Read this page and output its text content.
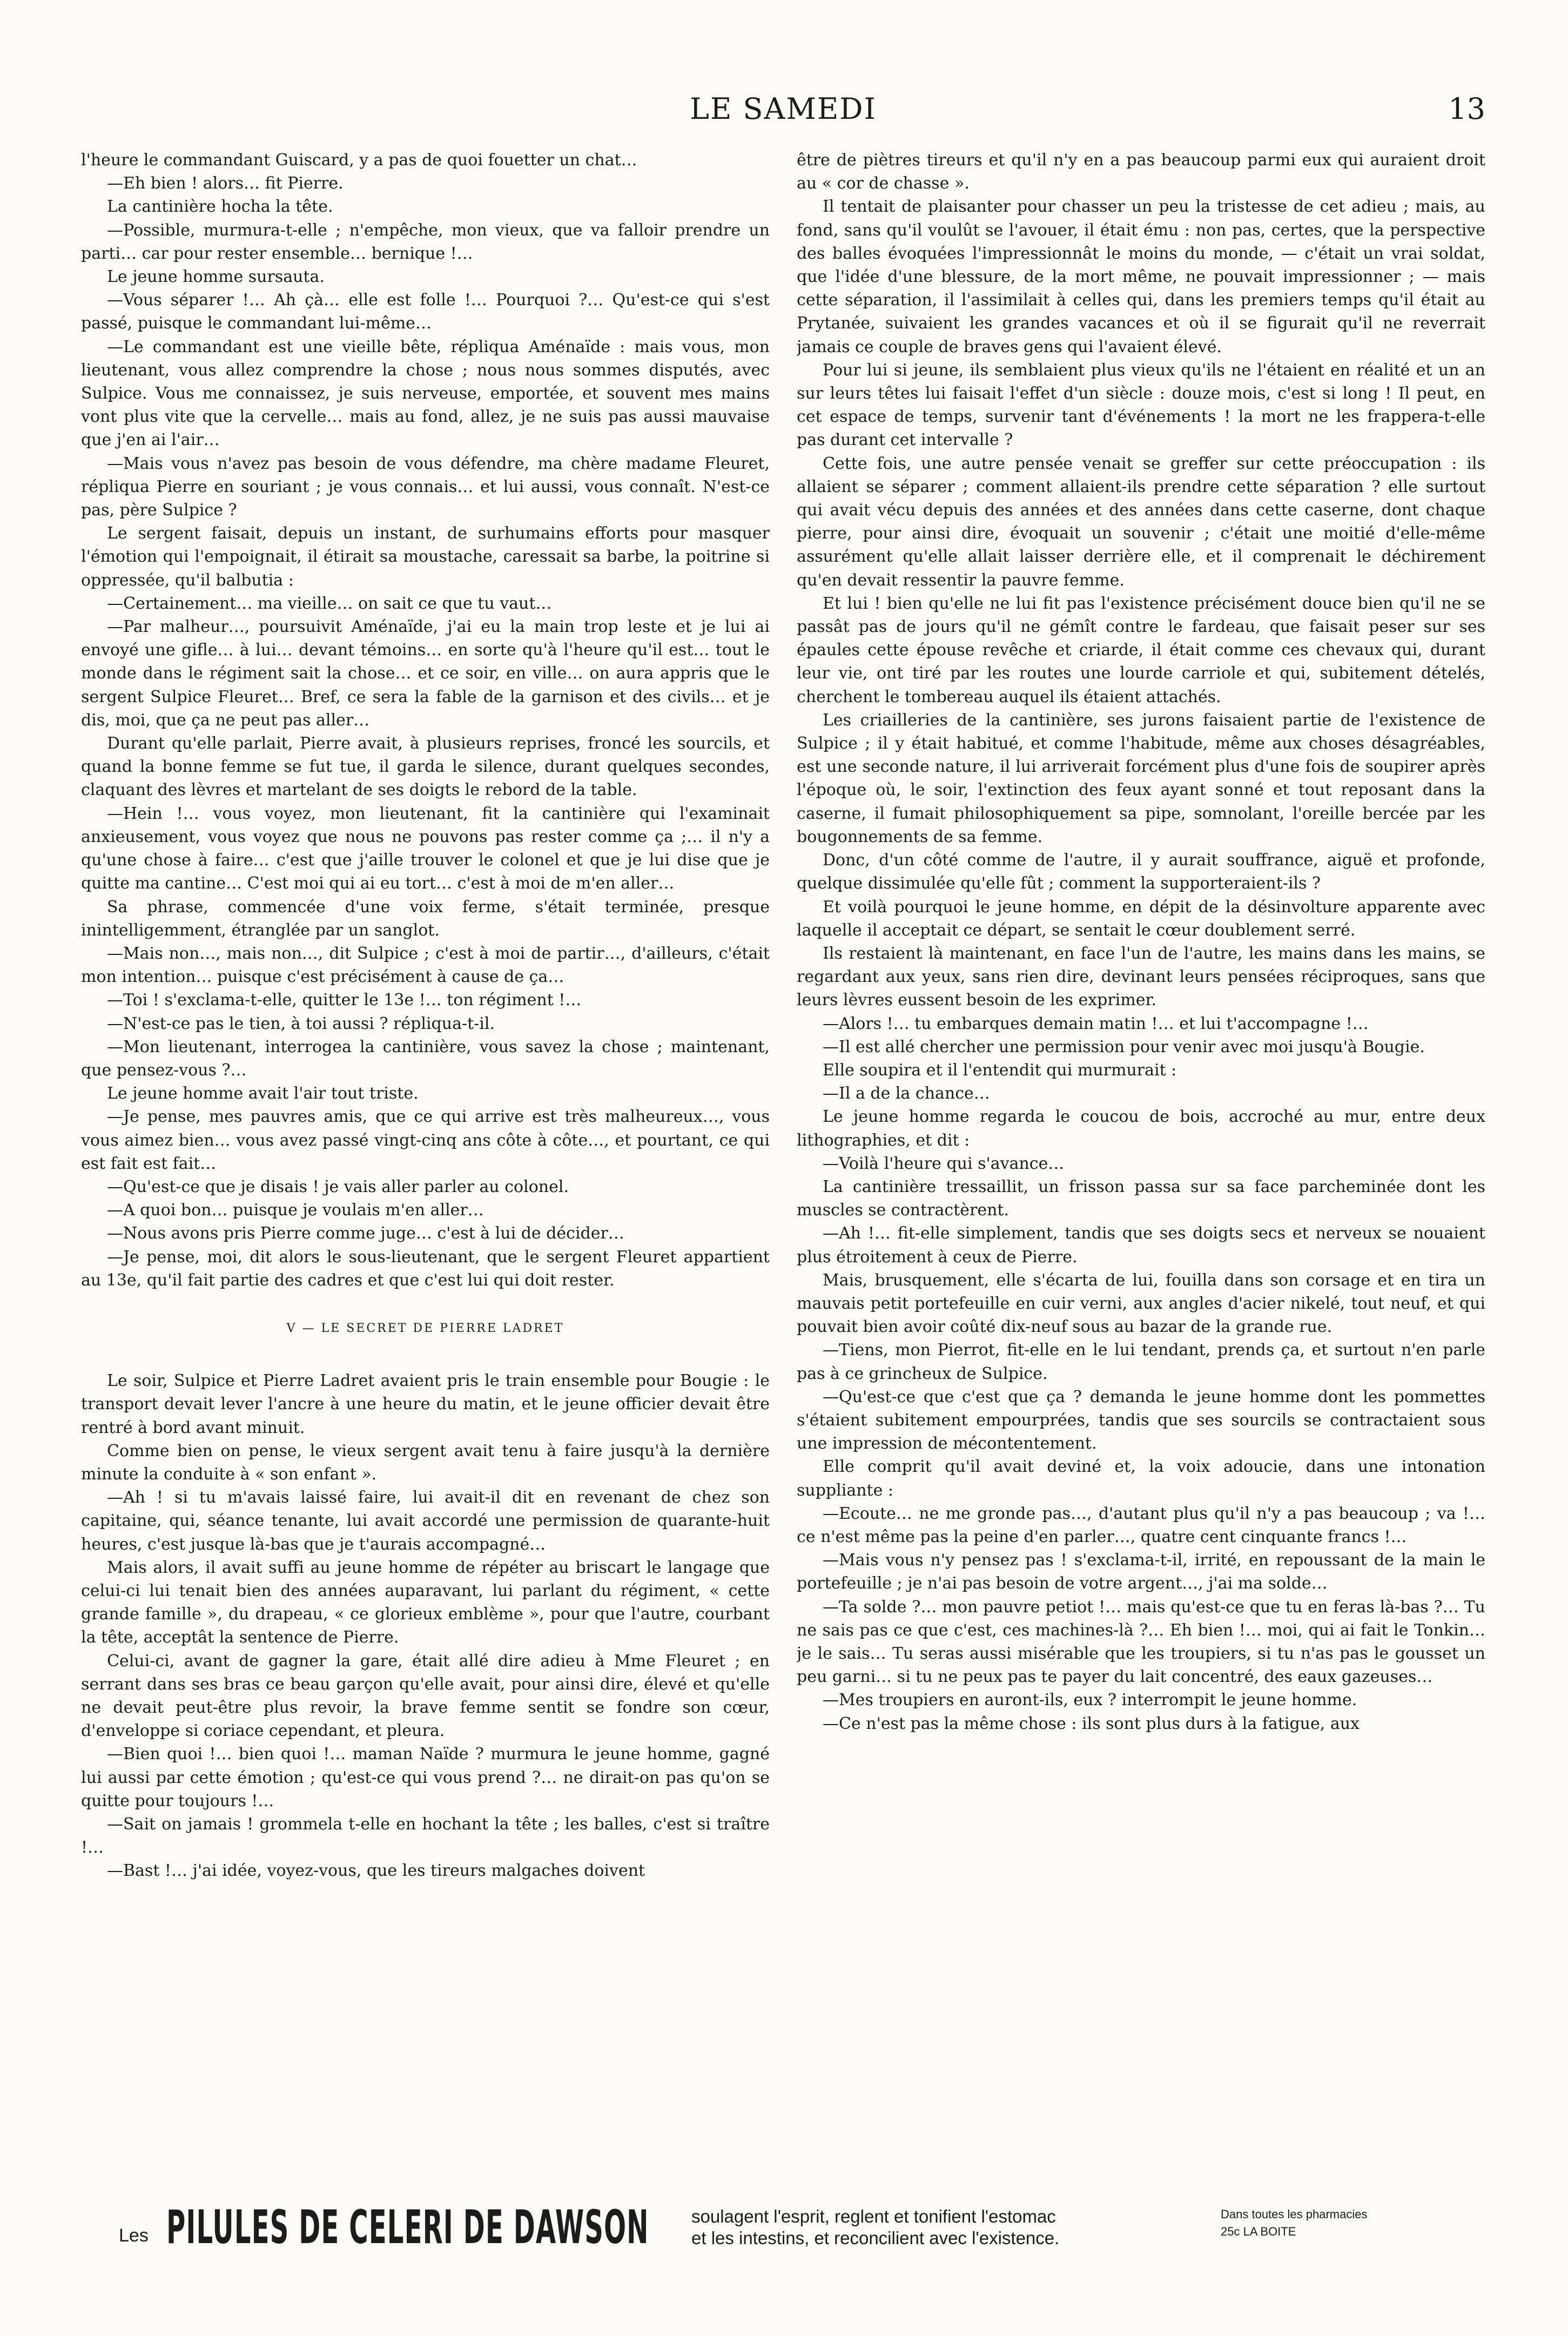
LE SAMEDI	13

l'heure le commandant Guiscard, y a pas de quoi fouetter un chat…

—Eh bien ! alors… fit Pierre.

La cantinière hocha la tête.

—Possible, murmura-t-elle ; n'empêche, mon vieux, que va falloir prendre un parti… car pour rester ensemble… bernique !…

Le jeune homme sursauta.

—Vous séparer !… Ah çà… elle est folle !… Pourquoi ?… Qu'est-ce qui s'est passé, puisque le commandant lui-même…

—Le commandant est une vieille bête, répliqua Aménaïde : mais vous, mon lieutenant, vous allez comprendre la chose ; nous nous sommes disputés, avec Sulpice. Vous me connaissez, je suis nerveuse, emportée, et souvent mes mains vont plus vite que la cervelle… mais au fond, allez, je ne suis pas aussi mauvaise que j'en ai l'air…

—Mais vous n'avez pas besoin de vous défendre, ma chère madame Fleuret, répliqua Pierre en souriant ; je vous connais… et lui aussi, vous connaît. N'est-ce pas, père Sulpice ?

Le sergent faisait, depuis un instant, de surhumains efforts pour masquer l'émotion qui l'empoignait, il étirait sa moustache, caressait sa barbe, la poitrine si oppressée, qu'il balbutia :

—Certainement… ma vieille… on sait ce que tu vaut…

—Par malheur…, poursuivit Aménaïde, j'ai eu la main trop leste et je lui ai envoyé une gifle… à lui… devant témoins… en sorte qu'à l'heure qu'il est… tout le monde dans le régiment sait la chose… et ce soir, en ville… on aura appris que le sergent Sulpice Fleuret… Bref, ce sera la fable de la garnison et des civils… et je dis, moi, que ça ne peut pas aller…

Durant qu'elle parlait, Pierre avait, à plusieurs reprises, froncé les sourcils, et quand la bonne femme se fut tue, il garda le silence, durant quelques secondes, claquant des lèvres et martelant de ses doigts le rebord de la table.

—Hein !… vous voyez, mon lieutenant, fit la cantinière qui l'examinait anxieusement, vous voyez que nous ne pouvons pas rester comme ça ;… il n'y a qu'une chose à faire… c'est que j'aille trouver le colonel et que je lui dise que je quitte ma cantine… C'est moi qui ai eu tort… c'est à moi de m'en aller…

Sa phrase, commencée d'une voix ferme, s'était terminée, presque inintelligemment, étranglée par un sanglot.

—Mais non…, mais non…, dit Sulpice ; c'est à moi de partir…, d'ailleurs, c'était mon intention… puisque c'est précisément à cause de ça…

—Toi ! s'exclama-t-elle, quitter le 13e !… ton régiment !…

—N'est-ce pas le tien, à toi aussi ? répliqua-t-il.

—Mon lieutenant, interrogea la cantinière, vous savez la chose ; maintenant, que pensez-vous ?…

Le jeune homme avait l'air tout triste.

—Je pense, mes pauvres amis, que ce qui arrive est très malheureux…, vous vous aimez bien… vous avez passé vingt-cinq ans côte à côte…, et pourtant, ce qui est fait est fait…

—Qu'est-ce que je disais ! je vais aller parler au colonel.

—A quoi bon… puisque je voulais m'en aller…

—Nous avons pris Pierre comme juge… c'est à lui de décider…

—Je pense, moi, dit alors le sous-lieutenant, que le sergent Fleuret appartient au 13e, qu'il fait partie des cadres et que c'est lui qui doit rester.

V — LE SECRET DE PIERRE LADRET

Le soir, Sulpice et Pierre Ladret avaient pris le train ensemble pour Bougie : le transport devait lever l'ancre à une heure du matin, et le jeune officier devait être rentré à bord avant minuit.

Comme bien on pense, le vieux sergent avait tenu à faire jusqu'à la dernière minute la conduite à « son enfant ».

—Ah ! si tu m'avais laissé faire, lui avait-il dit en revenant de chez son capitaine, qui, séance tenante, lui avait accordé une permission de quarante-huit heures, c'est jusque là-bas que je t'aurais accompagné…

Mais alors, il avait suffi au jeune homme de répéter au briscart le langage que celui-ci lui tenait bien des années auparavant, lui parlant du régiment, « cette grande famille », du drapeau, « ce glorieux emblème », pour que l'autre, courbant la tête, acceptât la sentence de Pierre.

Celui-ci, avant de gagner la gare, était allé dire adieu à Mme Fleuret ; en serrant dans ses bras ce beau garçon qu'elle avait, pour ainsi dire, élevé et qu'elle ne devait peut-être plus revoir, la brave femme sentit se fondre son cœur, d'enveloppe si coriace cependant, et pleura.

—Bien quoi !… bien quoi !… maman Naïde ? murmura le jeune homme, gagné lui aussi par cette émotion ; qu'est-ce qui vous prend ?… ne dirait-on pas qu'on se quitte pour toujours !…

—Sait on jamais ! grommela t-elle en hochant la tête ; les balles, c'est si traître !…

—Bast !… j'ai idée, voyez-vous, que les tireurs malgaches doivent

être de piètres tireurs et qu'il n'y en a pas beaucoup parmi eux qui auraient droit au « cor de chasse ».

Il tentait de plaisanter pour chasser un peu la tristesse de cet adieu ; mais, au fond, sans qu'il voulût se l'avouer, il était ému : non pas, certes, que la perspective des balles évoquées l'impressionnât le moins du monde, — c'était un vrai soldat, que l'idée d'une blessure, de la mort même, ne pouvait impressionner ; — mais cette séparation, il l'assimilait à celles qui, dans les premiers temps qu'il était au Prytanée, suivaient les grandes vacances et où il se figurait qu'il ne reverrait jamais ce couple de braves gens qui l'avaient élevé.

Pour lui si jeune, ils semblaient plus vieux qu'ils ne l'étaient en réalité et un an sur leurs têtes lui faisait l'effet d'un siècle : douze mois, c'est si long ! Il peut, en cet espace de temps, survenir tant d'événements ! la mort ne les frappera-t-elle pas durant cet intervalle ?

Cette fois, une autre pensée venait se greffer sur cette préoccupation : ils allaient se séparer ; comment allaient-ils prendre cette séparation ? elle surtout qui avait vécu depuis des années et des années dans cette caserne, dont chaque pierre, pour ainsi dire, évoquait un souvenir ; c'était une moitié d'elle-même assurément qu'elle allait laisser derrière elle, et il comprenait le déchirement qu'en devait ressentir la pauvre femme.

Et lui ! bien qu'elle ne lui fit pas l'existence précisément douce bien qu'il ne se passât pas de jours qu'il ne gémît contre le fardeau, que faisait peser sur ses épaules cette épouse revêche et criarde, il était comme ces chevaux qui, durant leur vie, ont tiré par les routes une lourde carriole et qui, subitement dételés, cherchent le tombereau auquel ils étaient attachés.

Les criailleries de la cantinière, ses jurons faisaient partie de l'existence de Sulpice ; il y était habitué, et comme l'habitude, même aux choses désagréables, est une seconde nature, il lui arriverait forcément plus d'une fois de soupirer après l'époque où, le soir, l'extinction des feux ayant sonné et tout reposant dans la caserne, il fumait philosophiquement sa pipe, somnolant, l'oreille bercée par les bougonnements de sa femme.

Donc, d'un côté comme de l'autre, il y aurait souffrance, aiguë et profonde, quelque dissimulée qu'elle fût ; comment la supporteraient-ils ?

Et voilà pourquoi le jeune homme, en dépit de la désinvolture apparente avec laquelle il acceptait ce départ, se sentait le cœur doublement serré.

Ils restaient là maintenant, en face l'un de l'autre, les mains dans les mains, se regardant aux yeux, sans rien dire, devinant leurs pensées réciproques, sans que leurs lèvres eussent besoin de les exprimer.

—Alors !… tu embarques demain matin !… et lui t'accompagne !…

—Il est allé chercher une permission pour venir avec moi jusqu'à Bougie.

Elle soupira et il l'entendit qui murmurait :

—Il a de la chance…

Le jeune homme regarda le coucou de bois, accroché au mur, entre deux lithographies, et dit :

—Voilà l'heure qui s'avance…

La cantinière tressaillit, un frisson passa sur sa face parcheminée dont les muscles se contractèrent.

—Ah !… fit-elle simplement, tandis que ses doigts secs et nerveux se nouaient plus étroitement à ceux de Pierre.

Mais, brusquement, elle s'écarta de lui, fouilla dans son corsage et en tira un mauvais petit portefeuille en cuir verni, aux angles d'acier nikelé, tout neuf, et qui pouvait bien avoir coûté dix-neuf sous au bazar de la grande rue.

—Tiens, mon Pierrot, fit-elle en le lui tendant, prends ça, et surtout n'en parle pas à ce grincheux de Sulpice.

—Qu'est-ce que c'est que ça ? demanda le jeune homme dont les pommettes s'étaient subitement empourprées, tandis que ses sourcils se contractaient sous une impression de mécontentement.

Elle comprit qu'il avait deviné et, la voix adoucie, dans une intonation suppliante :

—Ecoute… ne me gronde pas…, d'autant plus qu'il n'y a pas beaucoup ; va !… ce n'est même pas la peine d'en parler…, quatre cent cinquante francs !…

—Mais vous n'y pensez pas ! s'exclama-t-il, irrité, en repoussant de la main le portefeuille ; je n'ai pas besoin de votre argent…, j'ai ma solde…

—Ta solde ?… mon pauvre petiot !… mais qu'est-ce que tu en feras là-bas ?… Tu ne sais pas ce que c'est, ces machines-là ?… Eh bien !… moi, qui ai fait le Tonkin… je le sais… Tu seras aussi misérable que les troupiers, si tu n'as pas le gousset un peu garni… si tu ne peux pas te payer du lait concentré, des eaux gazeuses…

—Mes troupiers en auront-ils, eux ? interrompit le jeune homme.

—Ce n'est pas la même chose : ils sont plus durs à la fatigue, aux

Les PILULES DE CELERI DE DAWSON soulagent l'esprit, reglent et tonifient l'estomac
et les intestins, et reconcilient avec l'existence.
Dans toutes les pharmacies
25c LA BOITE
